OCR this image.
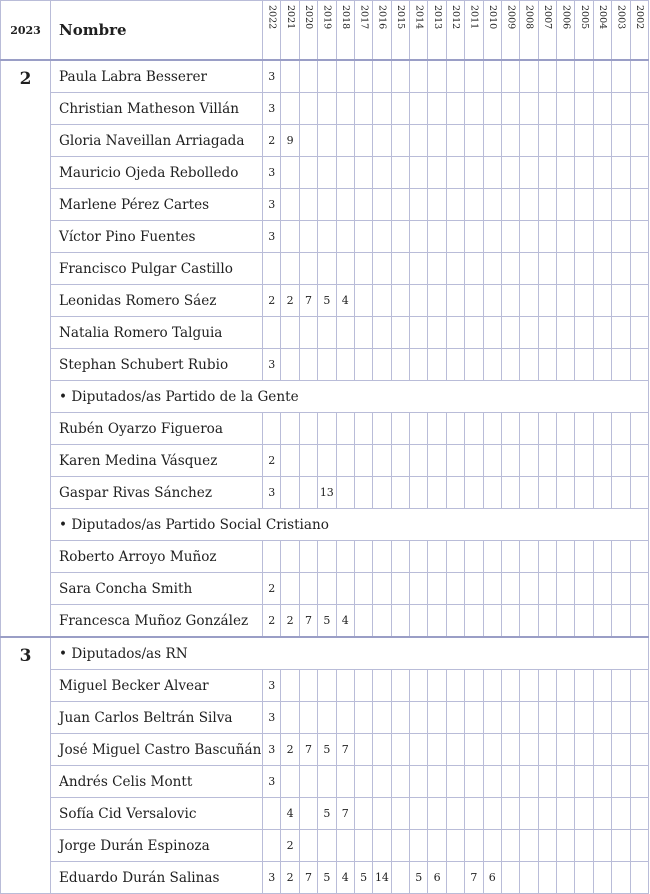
2023	Nombre	2022	2021	2020	2019	2018	2017	2016	2015	2014	2013	2012	2011	2010	2009	2008	2007	2006	2005	2004	2003	2002

2	Paula Labra Besserer	3																				
	Christian Matheson Villán	3																				
	Gloria Naveillan Arriagada	2	9																			
	Mauricio Ojeda Rebolledo	3																				
	Marlene Pérez Cartes	3																				
	Víctor Pino Fuentes	3																				
	Francisco Pulgar Castillo																					
	Leonidas Romero Sáez	2	2	7	5	4																
	Natalia Romero Talguia																					
	Stephan Schubert Rubio	3																				
	• Diputados/as Partido de la Gente																					
	Rubén Oyarzo Figueroa																					
	Karen Medina Vásquez	2																				
	Gaspar Rivas Sánchez	3			13																	
	• Diputados/as Partido Social Cristiano																					
	Roberto Arroyo Muñoz																					
	Sara Concha Smith	2																				
	Francesca Muñoz González	2	2	7	5	4																
3	• Diputados/as RN																					
	Miguel Becker Alvear	3																				
	Juan Carlos Beltrán Silva	3																				
	José Miguel Castro Bascuñán	3	2	7	5	7																
	Andrés Celis Montt	3																				
	Sofía Cid Versalovic		4		5	7																
	Jorge Durán Espinoza		2																			
	Eduardo Durán Salinas	3	2	7	5	4	5	14		5	6		7	6								
